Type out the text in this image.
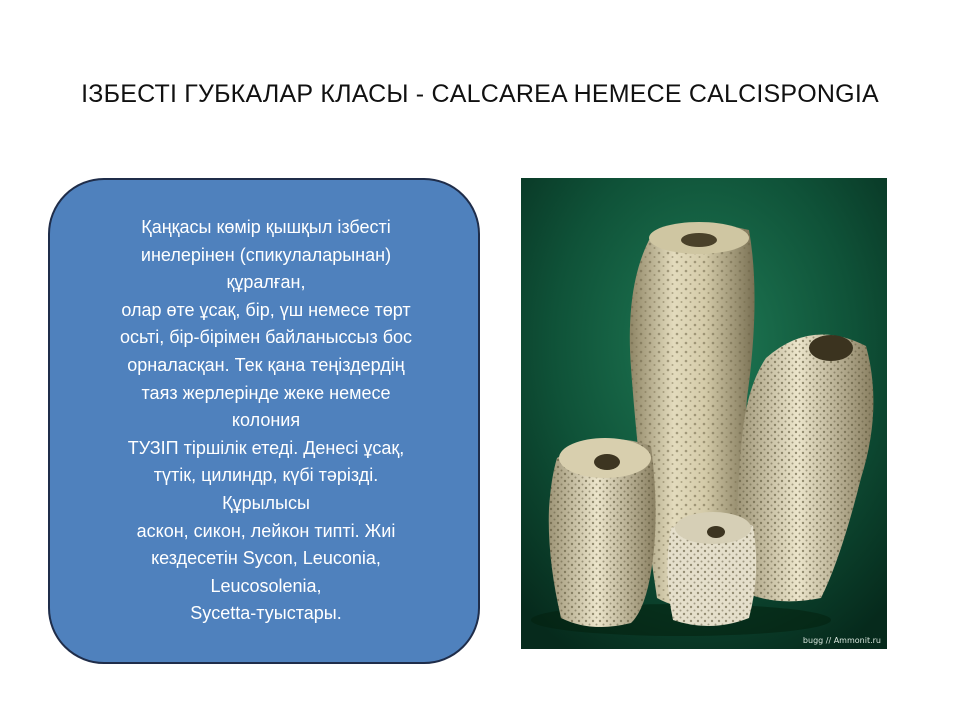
ІЗБЕСТІ ГУБКАЛАР КЛАСЫ - CALCAREA НЕМЕСЕ CALCISPONGIA
Қаңқасы көмір қышқыл ізбесті
инелерінен (спикулаларынан)
құралған,
олар өте ұсақ, бір, үш немесе төрт
осьті, бір-бірімен байланыссыз бос
орналасқан. Тек қана теңіздердің
таяз жерлерінде жеке немесе
колония
ТУЗІП тіршілік етеді. Денесі ұсақ,
түтік, цилиндр, күбі тәрізді.
Құрылысы
аскон, сикон, лейкон типті. Жиі
кездесетін Sycon, Leuconia,
Leucosolenia,
Sycetta-туыстары.
bugg // Ammonit.ru
